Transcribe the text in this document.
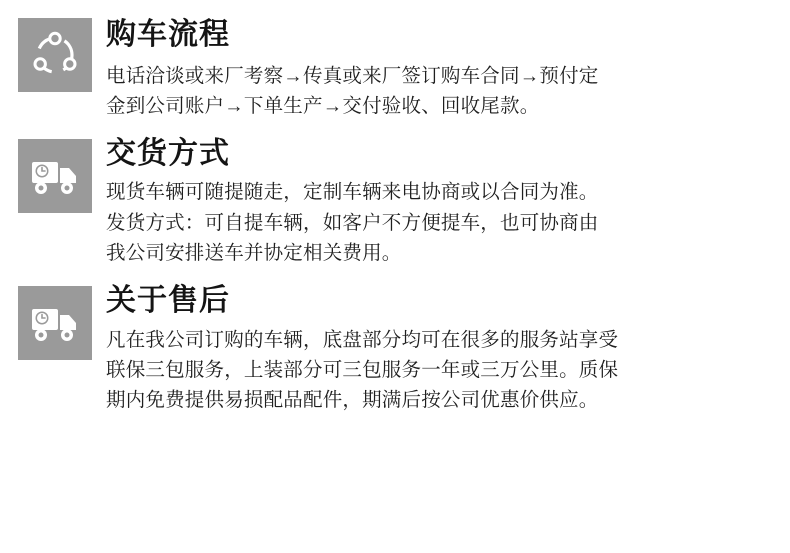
购车流程

电话洽谈或来厂考察→传真或来厂签订购车合同→预付定

金到公司账户→下单生产→交付验收、回收尾款。

交货方式

现货车辆可随提随走，定制车辆来电协商或以合同为准。

发货方式：可自提车辆，如客户不方便提车，也可协商由

我公司安排送车并协定相关费用。

关于售后

凡在我公司订购的车辆，底盘部分均可在很多的服务站享受

联保三包服务，上装部分可三包服务一年或三万公里。质保

期内免费提供易损配品配件，期满后按公司优惠价供应。
